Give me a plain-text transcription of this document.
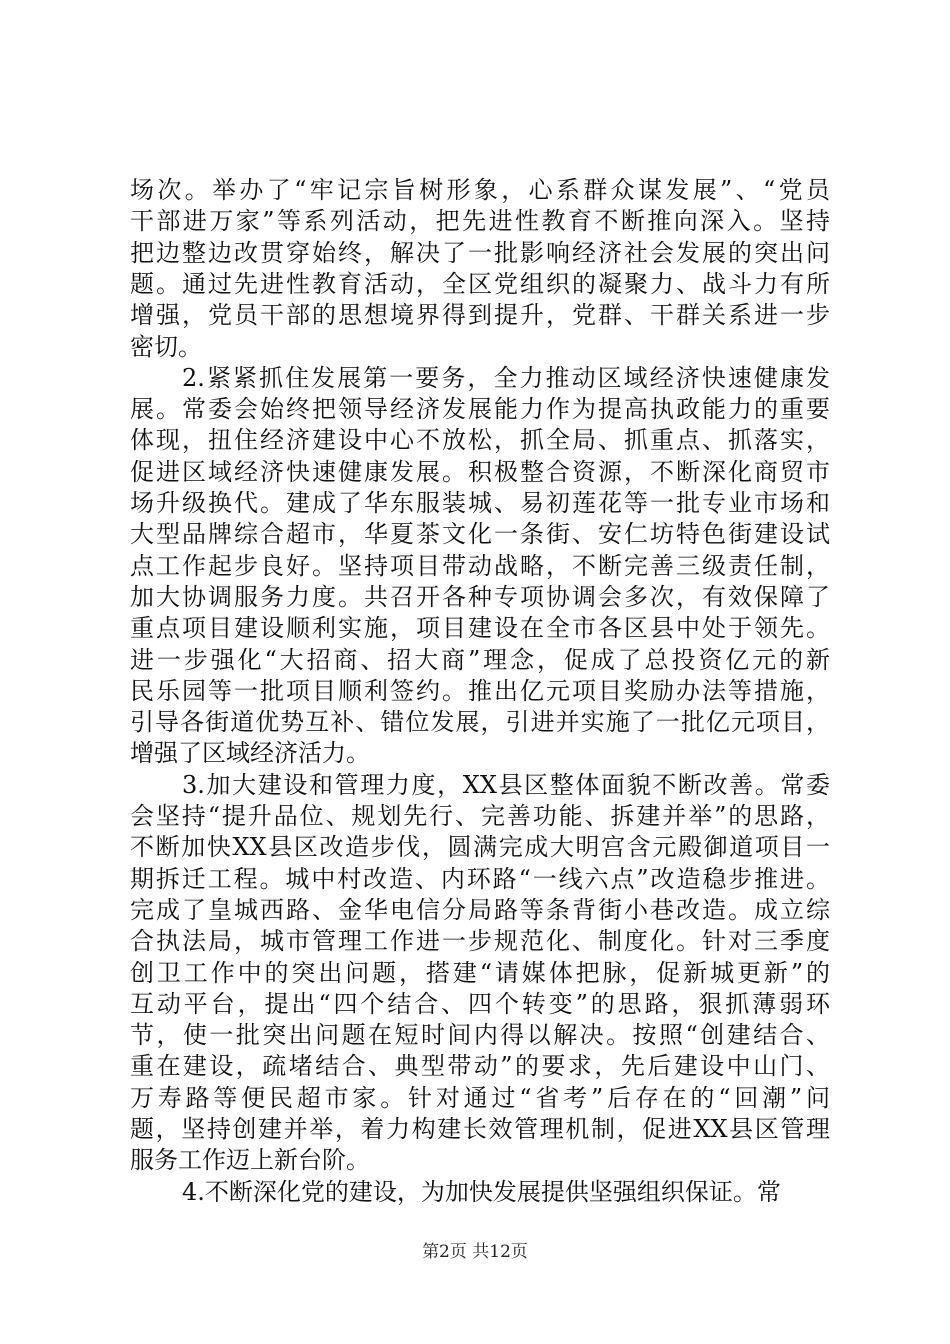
场次。举办了“牢记宗旨树形象，心系群众谋发展”、“党员
干部进万家”等系列活动，把先进性教育不断推向深入。坚持
把边整边改贯穿始终，解决了一批影响经济社会发展的突出问
题。通过先进性教育活动，全区党组织的凝聚力、战斗力有所
增强，党员干部的思想境界得到提升，党群、干群关系进一步
密切。
2.紧紧抓住发展第一要务，全力推动区域经济快速健康发
展。常委会始终把领导经济发展能力作为提高执政能力的重要
体现，扭住经济建设中心不放松，抓全局、抓重点、抓落实，
促进区域经济快速健康发展。积极整合资源，不断深化商贸市
场升级换代。建成了华东服装城、易初莲花等一批专业市场和
大型品牌综合超市，华夏茶文化一条街、安仁坊特色街建设试
点工作起步良好。坚持项目带动战略，不断完善三级责任制，
加大协调服务力度。共召开各种专项协调会多次，有效保障了
重点项目建设顺利实施，项目建设在全市各区县中处于领先。
进一步强化“大招商、招大商”理念，促成了总投资亿元的新
民乐园等一批项目顺利签约。推出亿元项目奖励办法等措施，
引导各街道优势互补、错位发展，引进并实施了一批亿元项目，
增强了区域经济活力。
3.加大建设和管理力度，XX县区整体面貌不断改善。常委
会坚持“提升品位、规划先行、完善功能、拆建并举”的思路，
不断加快XX县区改造步伐，圆满完成大明宫含元殿御道项目一
期拆迁工程。城中村改造、内环路“一线六点”改造稳步推进。
完成了皇城西路、金华电信分局路等条背街小巷改造。成立综
合执法局，城市管理工作进一步规范化、制度化。针对三季度
创卫工作中的突出问题，搭建“请媒体把脉，促新城更新”的
互动平台，提出“四个结合、四个转变”的思路，狠抓薄弱环
节，使一批突出问题在短时间内得以解决。按照“创建结合、
重在建设，疏堵结合、典型带动”的要求，先后建设中山门、
万寿路等便民超市家。针对通过“省考”后存在的“回潮”问
题，坚持创建并举，着力构建长效管理机制，促进XX县区管理
服务工作迈上新台阶。
4.不断深化党的建设，为加快发展提供坚强组织保证。常
第2页 共12页
